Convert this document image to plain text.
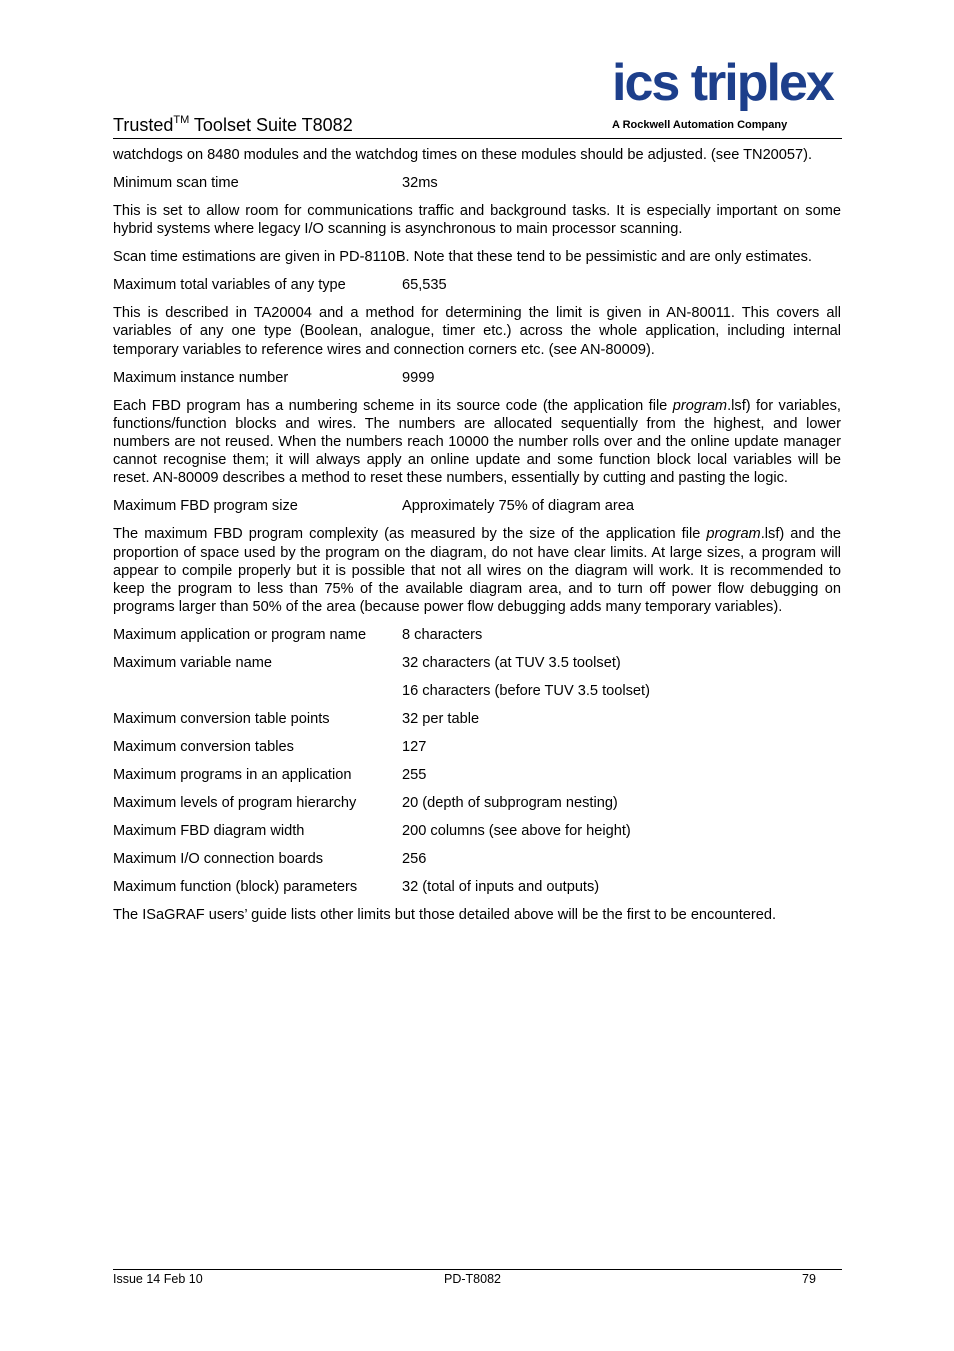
Trusted™ Toolset Suite T8082
ics triplex
A Rockwell Automation Company

watchdogs on 8480 modules and the watchdog times on these modules should be adjusted. (see TN20057).

Minimum scan time	32ms

This is set to allow room for communications traffic and background tasks. It is especially important on some hybrid systems where legacy I/O scanning is asynchronous to main processor scanning.

Scan time estimations are given in PD-8110B. Note that these tend to be pessimistic and are only estimates.

Maximum total variables of any type	65,535

This is described in TA20004 and a method for determining the limit is given in AN-80011. This covers all variables of any one type (Boolean, analogue, timer etc.) across the whole application, including internal temporary variables to reference wires and connection corners etc. (see AN-80009).

Maximum instance number	9999

Each FBD program has a numbering scheme in its source code (the application file program.lsf) for variables, functions/function blocks and wires. The numbers are allocated sequentially from the highest, and lower numbers are not reused. When the numbers reach 10000 the number rolls over and the online update manager cannot recognise them; it will always apply an online update and some function block local variables will be reset. AN-80009 describes a method to reset these numbers, essentially by cutting and pasting the logic.

Maximum FBD program size	Approximately 75% of diagram area

The maximum FBD program complexity (as measured by the size of the application file program.lsf) and the proportion of space used by the program on the diagram, do not have clear limits. At large sizes, a program will appear to compile properly but it is possible that not all wires on the diagram will work. It is recommended to keep the program to less than 75% of the available diagram area, and to turn off power flow debugging on programs larger than 50% of the area (because power flow debugging adds many temporary variables).

Maximum application or program name	8 characters
Maximum variable name	32 characters (at TUV 3.5 toolset)
16 characters (before TUV 3.5 toolset)
Maximum conversion table points	32 per table
Maximum conversion tables	127
Maximum programs in an application	255
Maximum levels of program hierarchy	20 (depth of subprogram nesting)
Maximum FBD diagram width	200 columns (see above for height)
Maximum I/O connection boards	256
Maximum function (block) parameters	32 (total of inputs and outputs)

The ISaGRAF users’ guide lists other limits but those detailed above will be the first to be encountered.

Issue 14 Feb 10	PD-T8082	79
